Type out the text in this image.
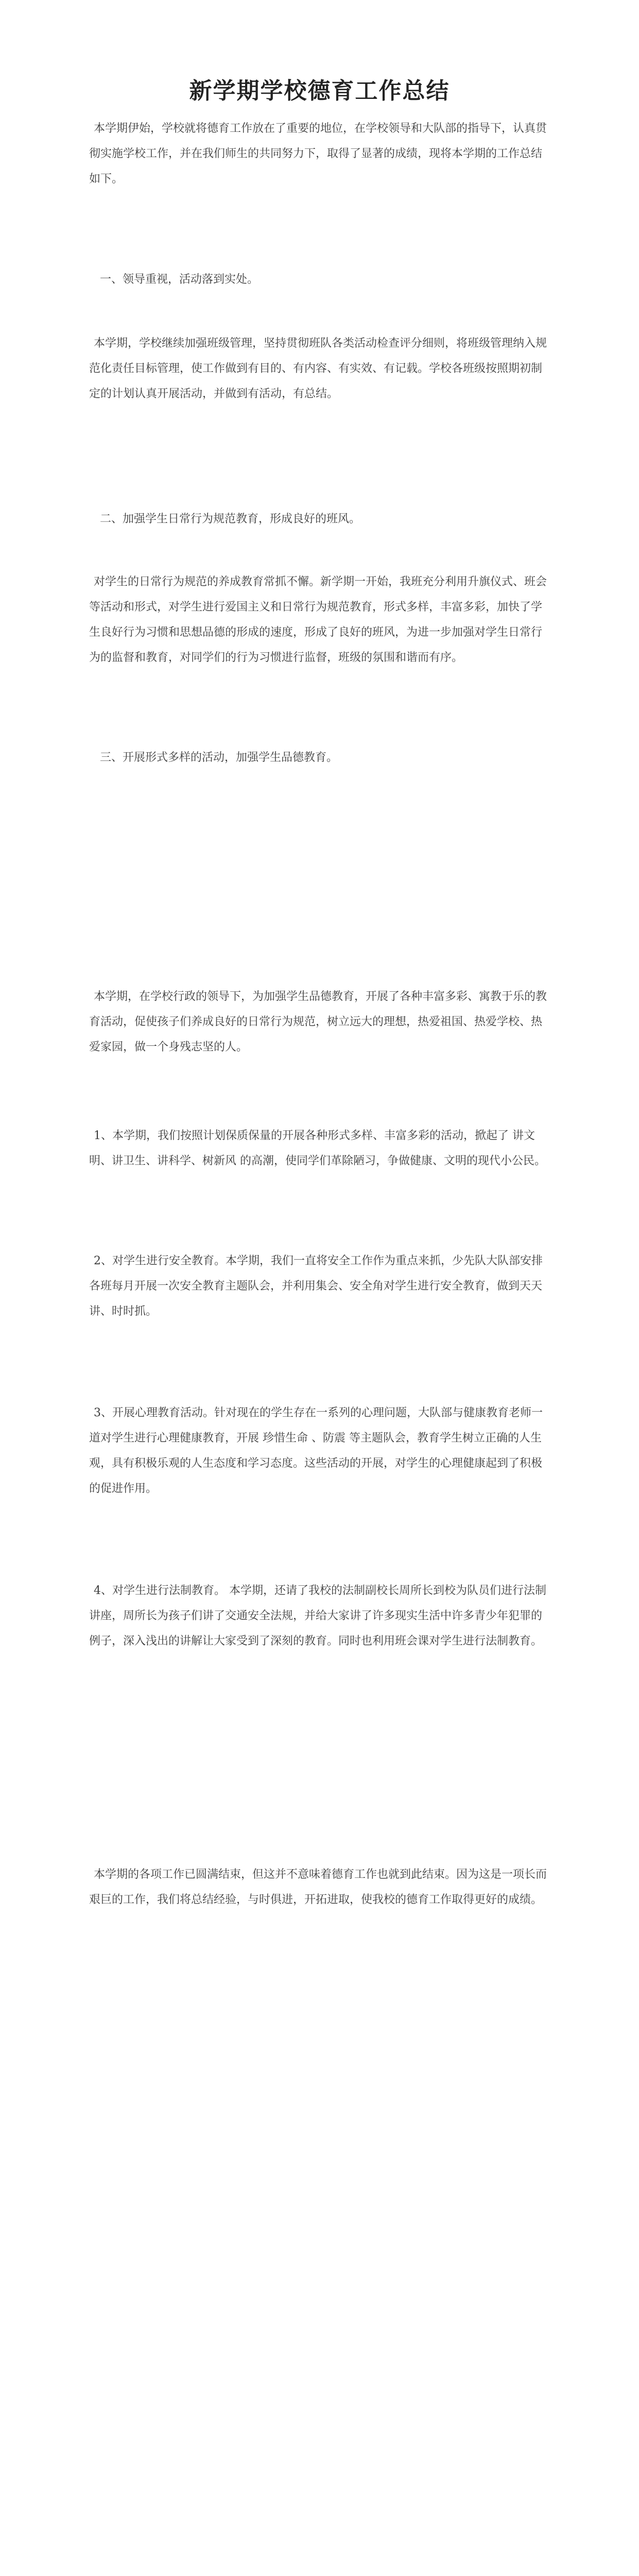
新学期学校德育工作总结

本学期伊始，学校就将德育工作放在了重要的地位，在学校领导和大队部的指导下，认真贯彻实施学校工作，并在我们师生的共同努力下，取得了显著的成绩，现将本学期的工作总结如下。

一、领导重视，活动落到实处。

本学期，学校继续加强班级管理，坚持贯彻班队各类活动检查评分细则，将班级管理纳入规范化责任目标管理，使工作做到有目的、有内容、有实效、有记载。学校各班级按照期初制定的计划认真开展活动，并做到有活动，有总结。

二、加强学生日常行为规范教育，形成良好的班风。

对学生的日常行为规范的养成教育常抓不懈。新学期一开始，我班充分利用升旗仪式、班会等活动和形式，对学生进行爱国主义和日常行为规范教育，形式多样，丰富多彩，加快了学生良好行为习惯和思想品德的形成的速度，形成了良好的班风，为进一步加强对学生日常行为的监督和教育，对同学们的行为习惯进行监督，班级的氛围和谐而有序。

三、开展形式多样的活动，加强学生品德教育。

本学期，在学校行政的领导下，为加强学生品德教育，开展了各种丰富多彩、寓教于乐的教育活动，促使孩子们养成良好的日常行为规范，树立远大的理想，热爱祖国、热爱学校、热爱家园，做一个身残志坚的人。

1、本学期，我们按照计划保质保量的开展各种形式多样、丰富多彩的活动，掀起了 讲文明、讲卫生、讲科学、树新风 的高潮，使同学们革除陋习，争做健康、文明的现代小公民。

2、对学生进行安全教育。本学期，我们一直将安全工作作为重点来抓，少先队大队部安排各班每月开展一次安全教育主题队会，并利用集会、安全角对学生进行安全教育，做到天天讲、时时抓。

3、开展心理教育活动。针对现在的学生存在一系列的心理问题，大队部与健康教育老师一道对学生进行心理健康教育，开展 珍惜生命 、防震 等主题队会，教育学生树立正确的人生观，具有积极乐观的人生态度和学习态度。这些活动的开展，对学生的心理健康起到了积极的促进作用。

4、对学生进行法制教育。 本学期，还请了我校的法制副校长周所长到校为队员们进行法制讲座，周所长为孩子们讲了交通安全法规，并给大家讲了许多现实生活中许多青少年犯罪的例子，深入浅出的讲解让大家受到了深刻的教育。同时也利用班会课对学生进行法制教育。

本学期的各项工作已圆满结束，但这并不意味着德育工作也就到此结束。因为这是一项长而艰巨的工作，我们将总结经验，与时俱进，开拓进取，使我校的德育工作取得更好的成绩。
